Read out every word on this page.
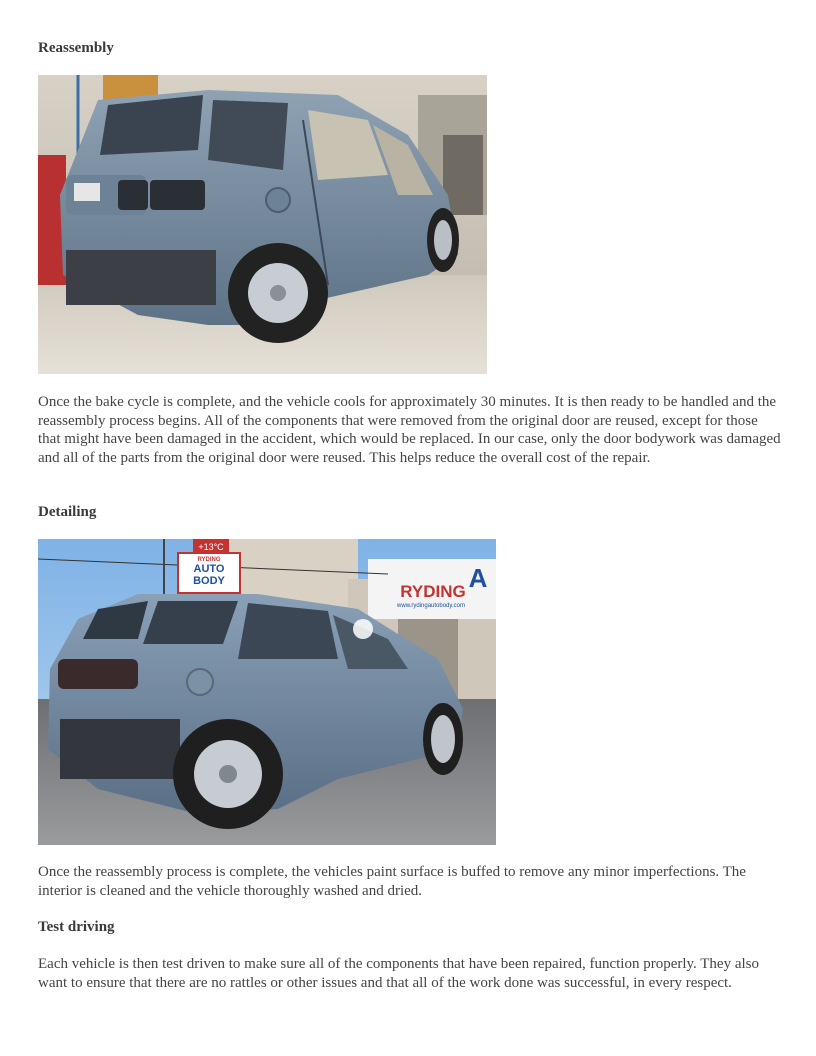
Reassembly

Once the bake cycle is complete, and the vehicle cools for approximately 30 minutes. It is then ready to be handled and the reassembly process begins. All of the components that were removed from the original door are reused, except for those that might have been damaged in the accident, which would be replaced. In our case, only the door bodywork was damaged and all of the parts from the original door were reused. This helps reduce the overall cost of the repair.

Detailing
+13°C
RYDING
AUTO
BODY
RYDING A
www.rydingautobody.com

Once the reassembly process is complete, the vehicles paint surface is buffed to remove any minor imperfections. The interior is cleaned and the vehicle thoroughly washed and dried.

Test driving

Each vehicle is then test driven to make sure all of the components that have been repaired, function properly. They also want to ensure that there are no rattles or other issues and that all of the work done was successful, in every respect.
